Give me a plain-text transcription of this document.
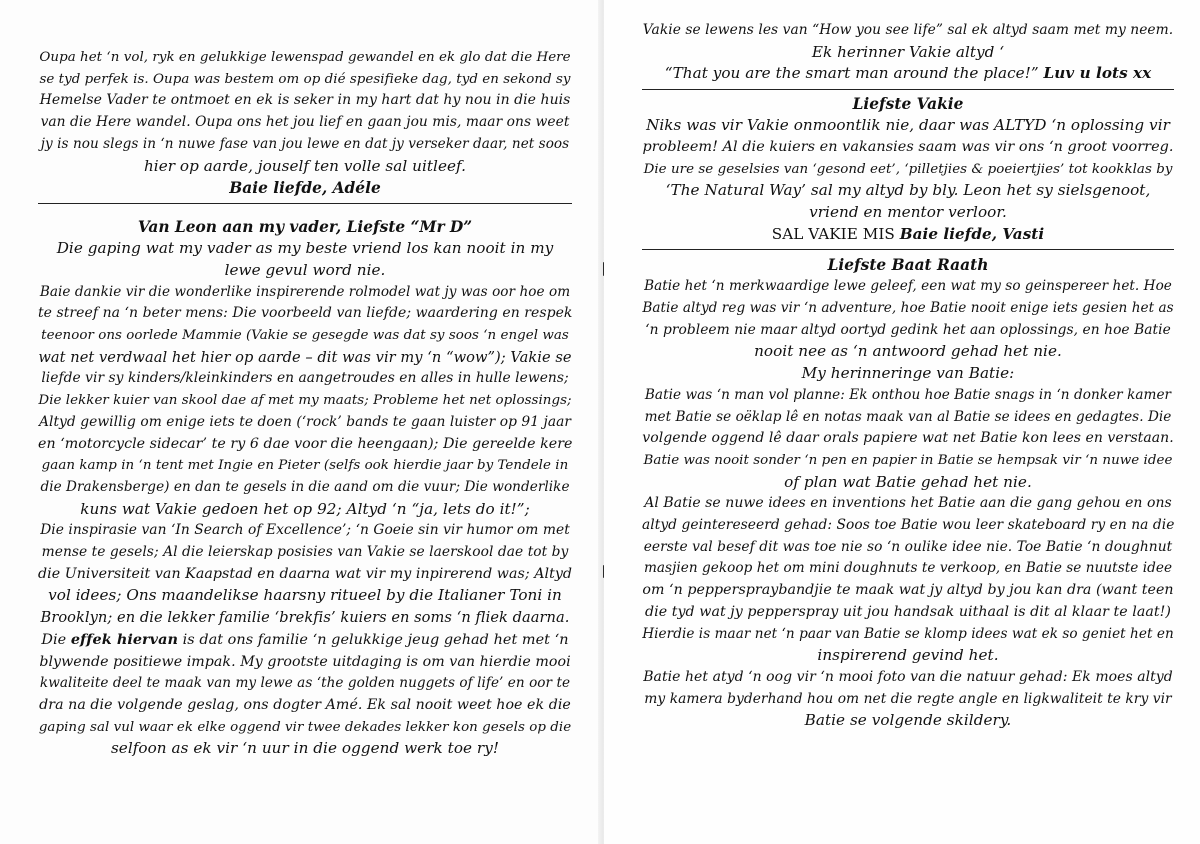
Oupa het ‘n vol, ryk en gelukkige lewenspad gewandel en ek glo dat die Here
se tyd perfek is. Oupa was bestem om op dié spesifieke dag, tyd en sekond sy
Hemelse Vader te ontmoet en ek is seker in my hart dat hy nou in die huis
van die Here wandel. Oupa ons het jou lief en gaan jou mis, maar ons weet
jy is nou slegs in ‘n nuwe fase van jou lewe en dat jy verseker daar, net soos
hier op aarde, jouself ten volle sal uitleef.
Baie liefde, Adéle
Van Leon aan my vader, Liefste “Mr D”
Die gaping wat my vader as my beste vriend los kan nooit in my
lewe gevul word nie.
Baie dankie vir die wonderlike inspirerende rolmodel wat jy was oor hoe om
te streef na ‘n beter mens: Die voorbeeld van liefde; waardering en respek
teenoor ons oorlede Mammie (Vakie se gesegde was dat sy soos ‘n engel was
wat net verdwaal het hier op aarde – dit was vir my ‘n “wow”); Vakie se
liefde vir sy kinders/kleinkinders en aangetroudes en alles in hulle lewens;
Die lekker kuier van skool dae af met my maats; Probleme het net oplossings;
Altyd gewillig om enige iets te doen (‘rock’ bands te gaan luister op 91 jaar
en ‘motorcycle sidecar’ te ry 6 dae voor die heengaan); Die gereelde kere
gaan kamp in ‘n tent met Ingie en Pieter (selfs ook hierdie jaar by Tendele in
die Drakensberge) en dan te gesels in die aand om die vuur; Die wonderlike
kuns wat Vakie gedoen het op 92; Altyd ‘n “ja, lets do it!”;
Die inspirasie van ‘In Search of Excellence’; ‘n Goeie sin vir humor om met
mense te gesels; Al die leierskap posisies van Vakie se laerskool dae tot by
die Universiteit van Kaapstad en daarna wat vir my inpirerend was; Altyd
vol idees; Ons maandelikse haarsny ritueel by die Italianer Toni in
Brooklyn; en die lekker familie ‘brekfis’ kuiers en soms ‘n fliek daarna.
Die effek hiervan is dat ons familie ‘n gelukkige jeug gehad het met ‘n
blywende positiewe impak. My grootste uitdaging is om van hierdie mooi
kwaliteite deel te maak van my lewe as ‘the golden nuggets of life’ en oor te
dra na die volgende geslag, ons dogter Amé. Ek sal nooit weet hoe ek die
gaping sal vul waar ek elke oggend vir twee dekades lekker kon gesels op die
selfoon as ek vir ‘n uur in die oggend werk toe ry!
Vakie se lewens les van “How you see life” sal ek altyd saam met my neem.
Ek herinner Vakie altyd ‘
“That you are the smart man around the place!” Luv u lots xx
Liefste Vakie
Niks was vir Vakie onmoontlik nie, daar was ALTYD ‘n oplossing vir
probleem! Al die kuiers en vakansies saam was vir ons ‘n groot voorreg.
Die ure se geselsies van ‘gesond eet’, ‘pilletjies & poeiertjies’ tot kookklas by
‘The Natural Way’ sal my altyd by bly. Leon het sy sielsgenoot,
vriend en mentor verloor.
SAL VAKIE MIS Baie liefde, Vasti
Liefste Baat Raath
Batie het ‘n merkwaardige lewe geleef, een wat my so geinspereer het. Hoe
Batie altyd reg was vir ‘n adventure, hoe Batie nooit enige iets gesien het as
‘n probleem nie maar altyd oortyd gedink het aan oplossings, en hoe Batie
nooit nee as ‘n antwoord gehad het nie.
My herinneringe van Batie:
Batie was ‘n man vol planne: Ek onthou hoe Batie snags in ‘n donker kamer
met Batie se oëklap lê en notas maak van al Batie se idees en gedagtes. Die
volgende oggend lê daar orals papiere wat net Batie kon lees en verstaan.
Batie was nooit sonder ‘n pen en papier in Batie se hempsak vir ‘n nuwe idee
of plan wat Batie gehad het nie.
Al Batie se nuwe idees en inventions het Batie aan die gang gehou en ons
altyd geintereseerd gehad: Soos toe Batie wou leer skateboard ry en na die
eerste val besef dit was toe nie so ‘n oulike idee nie. Toe Batie ‘n doughnut
masjien gekoop het om mini doughnuts te verkoop, en Batie se nuutste idee
om ‘n pepperspraybandjie te maak wat jy altyd by jou kan dra (want teen
die tyd wat jy pepperspray uit jou handsak uithaal is dit al klaar te laat!)
Hierdie is maar net ‘n paar van Batie se klomp idees wat ek so geniet het en
inspirerend gevind het.
Batie het atyd ‘n oog vir ‘n mooi foto van die natuur gehad: Ek moes altyd
my kamera byderhand hou om net die regte angle en ligkwaliteit te kry vir
Batie se volgende skildery.
